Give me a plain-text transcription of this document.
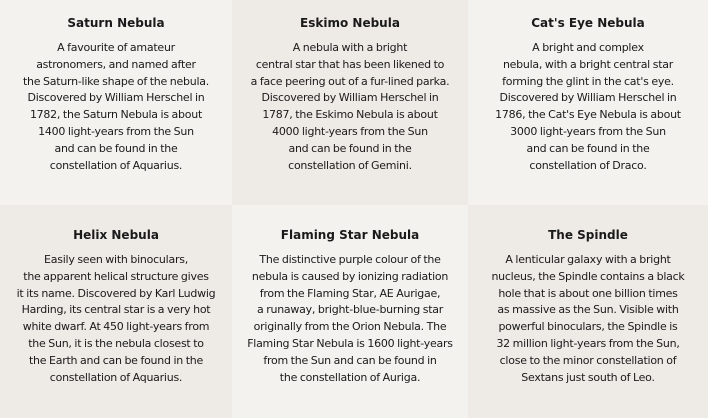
Saturn Nebula
A favourite of amateur
astronomers, and named after
the Saturn-like shape of the nebula.
Discovered by William Herschel in
1782, the Saturn Nebula is about
1400 light-years from the Sun
and can be found in the
constellation of Aquarius.
Eskimo Nebula
A nebula with a bright
central star that has been likened to
a face peering out of a fur-lined parka.
Discovered by William Herschel in
1787, the Eskimo Nebula is about
4000 light-years from the Sun
and can be found in the
constellation of Gemini.
Cat's Eye Nebula
A bright and complex
nebula, with a bright central star
forming the glint in the cat's eye.
Discovered by William Herschel in
1786, the Cat's Eye Nebula is about
3000 light-years from the Sun
and can be found in the
constellation of Draco.
Helix Nebula
Easily seen with binoculars,
the apparent helical structure gives
it its name. Discovered by Karl Ludwig
Harding, its central star is a very hot
white dwarf. At 450 light-years from
the Sun, it is the nebula closest to
the Earth and can be found in the
constellation of Aquarius.
Flaming Star Nebula
The distinctive purple colour of the
nebula is caused by ionizing radiation
from the Flaming Star, AE Aurigae,
a runaway, bright-blue-burning star
originally from the Orion Nebula. The
Flaming Star Nebula is 1600 light-years
from the Sun and can be found in
the constellation of Auriga.
The Spindle
A lenticular galaxy with a bright
nucleus, the Spindle contains a black
hole that is about one billion times
as massive as the Sun. Visible with
powerful binoculars, the Spindle is
32 million light-years from the Sun,
close to the minor constellation of
Sextans just south of Leo.
